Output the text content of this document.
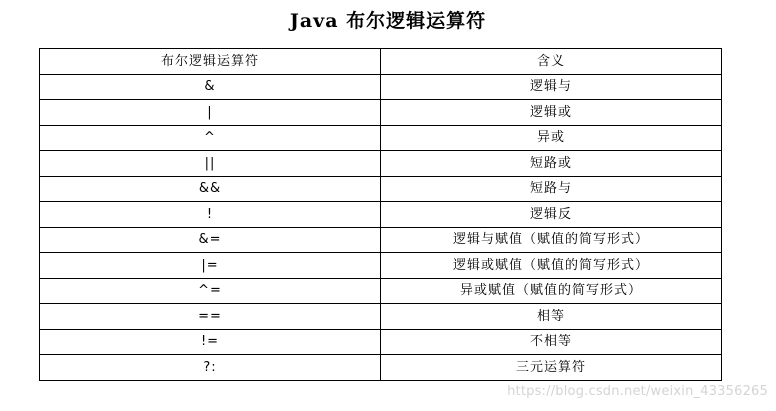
Java 布尔逻辑运算符
布尔逻辑运算符	含义
&	逻辑与
|	逻辑或
^	异或
||	短路或
&&	短路与
!	逻辑反
&=	逻辑与赋值（赋值的简写形式）
|=	逻辑或赋值（赋值的简写形式）
^=	异或赋值（赋值的简写形式）
==	相等
!=	不相等
?:	三元运算符
https://blog.csdn.net/weixin_43356265
